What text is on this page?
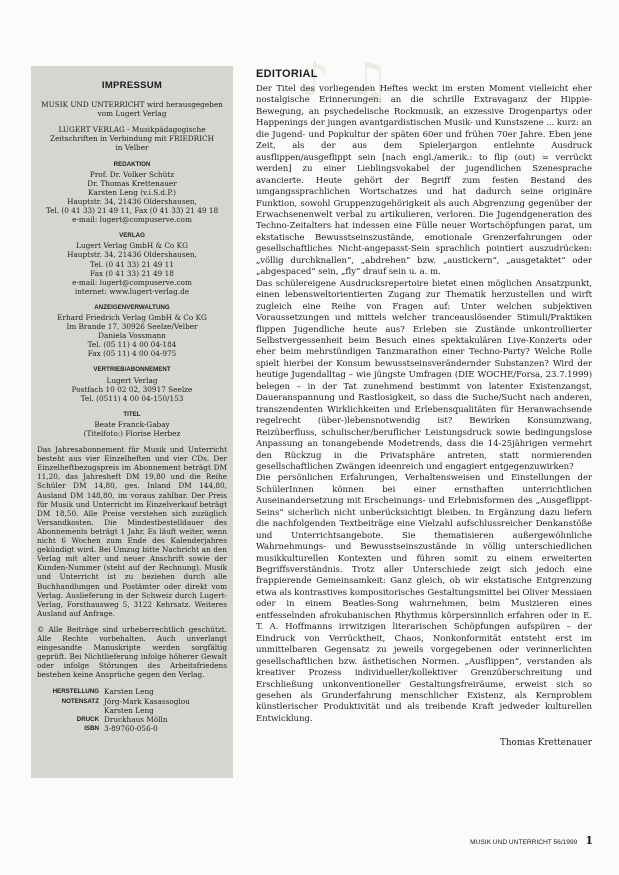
♪ ♫
IMPRESSUM
MUSIK UND UNTERRICHT wird herausgegeben
vom Lugert Verlag
LUGERT VERLAG - Musikpädagogische
Zeitschriften in Verbindung mit FRIEDRICH
in Velber
REDAKTION
Prof. Dr. Volker Schütz
Dr. Thomas Krettenauer
Karsten Leng (v.i.S.d.P.)
Hauptstr. 34, 21436 Oldershausen,
Tel. (0 41 33) 21 49 11, Fax (0 41 33) 21 49 18
e-mail: lugert@compuserve.com
VERLAG
Lugert Verlag GmbH & Co KG
Hauptstr. 34, 21436 Oldershausen,
Tel. (0 41 33) 21 49 11
Fax (0 41 33) 21 49 18
e-mail: lugert@compuserve.com
internet: www.lugert-verlag.de
ANZEIGENVERWALTUNG
Erhard Friedrich Verlag GmbH & Co KG
Im Brande 17, 30926 Seelze/Velber
Daniela Vossmann
Tel. (05 11) 4 00 04-184
Fax (05 11) 4 00 04-975
VERTRIEB/ABONNEMENT
Lugert Verlag
Postfach 10 02 02, 30917 Seelze
Tel. (0511) 4 00 04-150/153
TITEL
Beate Franck-Gabay
(Titelfoto:) Florise Herbez

Das Jahresabonnement für Musik und Unterricht besteht aus vier Einzelheften und vier CDs. Der Einzelheftbezugspreis im Abonnement beträgt DM 11,20, das Jahresheft DM 19,80 und die Reihe Schüler DM 14,80, ges. Inland DM 144,80, Ausland DM 148,80, im voraus zahlbar. Der Preis für Musik und Unterricht im Einzelverkauf beträgt DM 18,50. Alle Preise verstehen sich zuzüglich Versandkosten. Die Mindestbestelldauer des Abonnements beträgt 1 Jahr. Es läuft weiter, wenn nicht 6 Wochen zum Ende des Kalenderjahres gekündigt wird. Bei Umzug bitte Nachricht an den Verlag mit alter und neuer Anschrift sowie der Kunden-Nummer (steht auf der Rechnung). Musik und Unterricht ist zu beziehen durch alle Buchhandlungen und Postämter oder direkt vom Verlag. Auslieferung in der Schweiz durch Lugert-Verlag, Forsthausweg 5, 3122 Kehrsatz. Weiteres Ausland auf Anfrage.

© Alle Beiträge sind urheberrechtlich geschützt. Alle Rechte vorbehalten. Auch unverlangt eingesandte Manuskripte werden sorgfältig geprüft. Bei Nichtlieferung infolge höherer Gewalt oder infolge Störungen des Arbeitsfriedens bestehen keine Ansprüche gegen den Verlag.

HERSTELLUNG Karsten Leng
NOTENSATZ Jörg-Mark Kasassoglou
Karsten Leng
DRUCK Druckhaus Mölln
ISBN 3-89760-056-0
EDITORIAL

Der Titel des vorliegenden Heftes weckt im ersten Moment vielleicht eher nostalgische Erinnerungen: an die schrille Extravaganz der Hippie-Bewegung, an psychedelische Rockmusik, an exzessive Drogenpartys oder Happenings der jungen avantgardistischen Musik- und Kunstszene ... kurz: an die Jugend- und Popkultur der späten 60er und frühen 70er Jahre. Eben jene Zeit, als der aus dem Spielerjargon entlehnte Ausdruck ausflippen/ausgeflippt sein [nach engl./amerik.: to flip (out) = verrückt werden] zu einer Lieblingsvokabel der jugendlichen Szenesprache avancierte. Heute gehört der Begriff zum festen Bestand des umgangssprachlichen Wortschatzes und hat dadurch seine originäre Funktion, sowohl Gruppenzugehörigkeit als auch Abgrenzung gegenüber der Erwachsenenwelt verbal zu artikulieren, verloren. Die Jugendgeneration des Techno-Zeitalters hat indessen eine Fülle neuer Wortschöpfungen parat, um ekstatische Bewusstseinszustände, emotionale Grenzerfahrungen oder gesellschaftliches Nicht-angepasst-Sein sprachlich pointiert auszudrücken: „völlig durchknallen“, „abdrehen“ bzw. „austickern“, „ausgetaktet“ oder „abgespaced“ sein, „fly“ drauf sein u. a. m.

Das schülereigene Ausdrucksrepertoire bietet einen möglichen Ansatzpunkt, einen lebensweltorientierten Zugang zur Thematik herzustellen und wirft zugleich eine Reihe von Fragen auf: Unter welchen subjektiven Voraussetzungen und mittels welcher tranceauslösender Stimuli/Praktiken flippen Jugendliche heute aus? Erleben sie Zustände unkontrollierter Selbstvergessenheit beim Besuch eines spektakulären Live-Konzerts oder eher beim mehrstündigen Tanzmarathon einer Techno-Party? Welche Rolle spielt hierbei der Konsum bewusstseinsverändernder Substanzen? Wird der heutige Jugendalltag – wie jüngste Umfragen (DIE WOCHE/Forsa, 23.7.1999) belegen – in der Tat zunehmend bestimmt von latenter Existenzangst, Daueranspannung und Rastlosigkeit, so dass die Suche/Sucht nach anderen, transzendenten Wirklichkeiten und Erlebensqualitäten für Heranwachsende regelrecht (über-)lebensnotwendig ist? Bewirken Konsumzwang, Reizüberfluss, schulischer/beruflicher Leistungsdruck sowie bedingungslose Anpassung an tonangebende Modetrends, dass die 14-25jährigen vermehrt den Rückzug in die Privatsphäre antreten, statt normierenden gesellschaftlichen Zwängen ideenreich und engagiert entgegenzuwirken?

Die persönlichen Erfahrungen, Verhaltensweisen und Einstellungen der SchülerInnen können bei einer ernsthaften unterrichtlichen Auseinandersetzung mit Erscheinungs- und Erlebnisformen des „Ausgeflippt-Seins“ sicherlich nicht unberücksichtigt bleiben. In Ergänzung dazu liefern die nachfolgenden Textbeiträge eine Vielzahl aufschlussreicher Denkanstöße und Unterrichtsangebote. Sie thematisieren außergewöhnliche Wahrnehmungs- und Bewusstseinszustände in völlig unterschiedlichen musikkulturellen Kontexten und führen somit zu einem erweiterten Begriffsverständnis. Trotz aller Unterschiede zeigt sich jedoch eine frappierende Gemeinsamkeit: Ganz gleich, ob wir ekstatische Entgrenzung etwa als kontrastives kompositorisches Gestaltungsmittel bei Oliver Messiaen oder in einem Beatles-Song wahrnehmen, beim Musizieren eines entfesselnden afrokubanischen Rhythmus körpersinnlich erfahren oder in E. T. A. Hoffmanns irrwitzigen literarischen Schöpfungen aufspüren – der Eindruck von Verrücktheit, Chaos, Nonkonformität entsteht erst im unmittelbaren Gegensatz zu jeweils vorgegebenen oder verinnerlichten gesellschaftlichen bzw. ästhetischen Normen. „Ausflippen“, verstanden als kreativer Prozess individueller/kollektiver Grenzüberschreitung und Erschließung unkonventioneller Gestaltungsfreiräume, erweist sich so gesehen als Grunderfahrung menschlicher Existenz, als Kernproblem künstlerischer Produktivität und als treibende Kraft jedweder kulturellen Entwicklung.

Thomas Krettenauer
MUSIK UND UNTERRICHT 56/1999 1
